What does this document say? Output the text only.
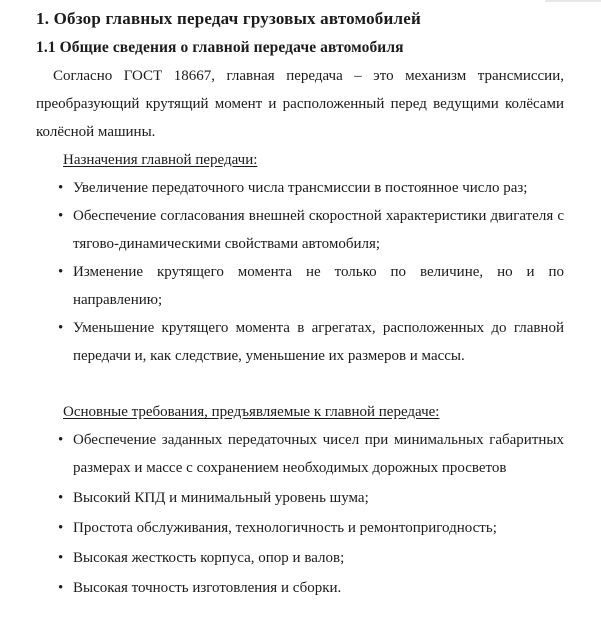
1. Обзор главных передач грузовых автомобилей
1.1 Общие сведения о главной передаче автомобиля

Согласно ГОСТ 18667, главная передача – это механизм трансмиссии, преобразующий крутящий момент и расположенный перед ведущими колёсами колёсной машины.

Назначения главной передачи:

• Увеличение передаточного числа трансмиссии в постоянное число раз;
• Обеспечение согласования внешней скоростной характеристики двигателя с тягово-динамическими свойствами автомобиля;
• Изменение крутящего момента не только по величине, но и по направлению;
• Уменьшение крутящего момента в агрегатах, расположенных до главной передачи и, как следствие, уменьшение их размеров и массы.

Основные требования, предъявляемые к главной передаче:

• Обеспечение заданных передаточных чисел при минимальных габаритных размерах и массе с сохранением необходимых дорожных просветов
• Высокий КПД и минимальный уровень шума;
• Простота обслуживания, технологичность и ремонтопригодность;
• Высокая жесткость корпуса, опор и валов;
• Высокая точность изготовления и сборки.
